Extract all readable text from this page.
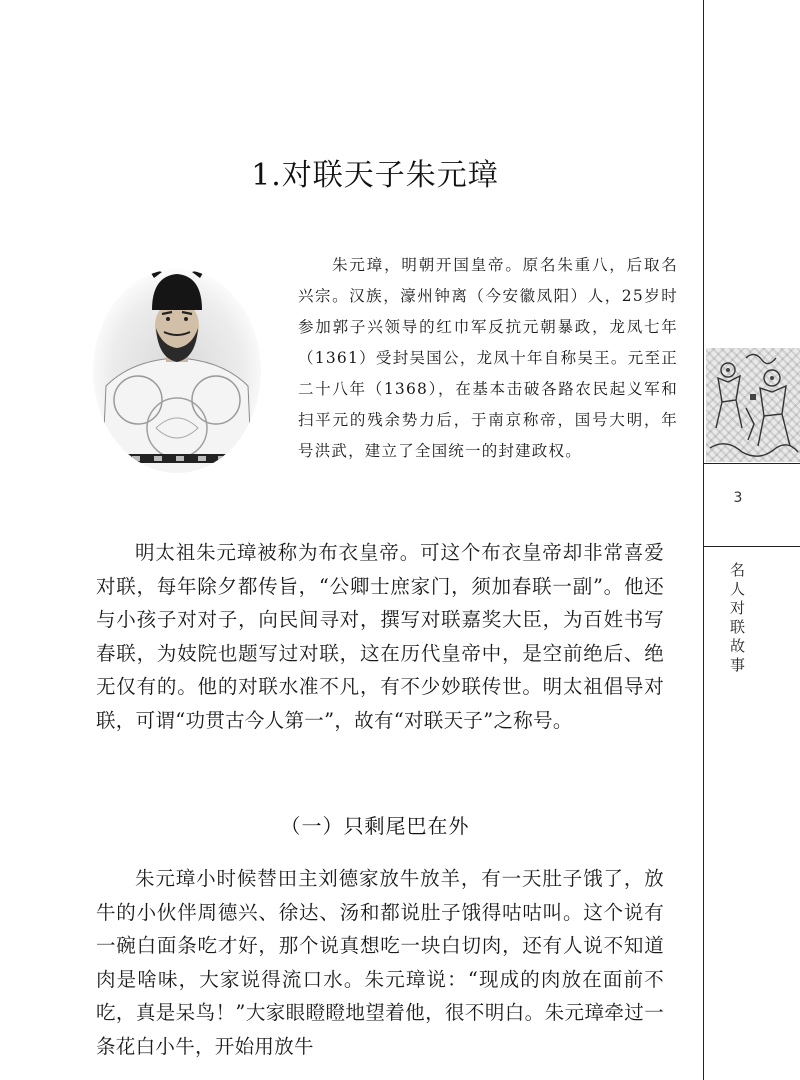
3
名人对联故事
1.对联天子朱元璋
朱元璋，明朝开国皇帝。原名朱重八，后取名兴宗。汉族，濠州钟离（今安徽凤阳）人，25岁时参加郭子兴领导的红巾军反抗元朝暴政，龙凤七年（1361）受封吴国公，龙凤十年自称吴王。元至正二十八年（1368），在基本击破各路农民起义军和扫平元的残余势力后，于南京称帝，国号大明，年号洪武，建立了全国统一的封建政权。
明太祖朱元璋被称为布衣皇帝。可这个布衣皇帝却非常喜爱对联，每年除夕都传旨，“公卿士庶家门，须加春联一副”。他还与小孩子对对子，向民间寻对，撰写对联嘉奖大臣，为百姓书写春联，为妓院也题写过对联，这在历代皇帝中，是空前绝后、绝无仅有的。他的对联水准不凡，有不少妙联传世。明太祖倡导对联，可谓“功贯古今人第一”，故有“对联天子”之称号。
（一）只剩尾巴在外
朱元璋小时候替田主刘德家放牛放羊，有一天肚子饿了，放牛的小伙伴周德兴、徐达、汤和都说肚子饿得咕咕叫。这个说有一碗白面条吃才好，那个说真想吃一块白切肉，还有人说不知道肉是啥味，大家说得流口水。朱元璋说：“现成的肉放在面前不吃，真是呆鸟！”大家眼瞪瞪地望着他，很不明白。朱元璋牵过一条花白小牛，开始用放牛
